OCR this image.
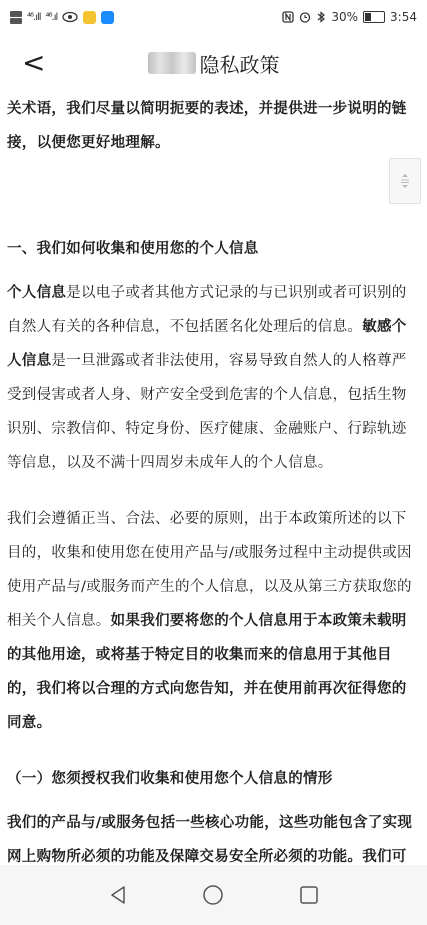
⁴⁶.ıll ⁴⁶.ıl	30%	3:54
<	隐私政策

关术语，我们尽量以简明扼要的表述，并提供进一步说明的链接，以便您更好地理解。

一、我们如何收集和使用您的个人信息

个人信息是以电子或者其他方式记录的与已识别或者可识别的自然人有关的各种信息，不包括匿名化处理后的信息。敏感个人信息是一旦泄露或者非法使用，容易导致自然人的人格尊严受到侵害或者人身、财产安全受到危害的个人信息，包括生物识别、宗教信仰、特定身份、医疗健康、金融账户、行踪轨迹等信息，以及不满十四周岁未成年人的个人信息。

我们会遵循正当、合法、必要的原则，出于本政策所述的以下目的，收集和使用您在使用产品与/或服务过程中主动提供或因使用产品与/或服务而产生的个人信息，以及从第三方获取您的相关个人信息。如果我们要将您的个人信息用于本政策未载明的其他用途，或将基于特定目的收集而来的信息用于其他目的，我们将以合理的方式向您告知，并在使用前再次征得您的同意。

（一）您须授权我们收集和使用您个人信息的情形

我们的产品与/或服务包括一些核心功能，这些功能包含了实现网上购物所必须的功能及保障交易安全所必须的功能。我们可
